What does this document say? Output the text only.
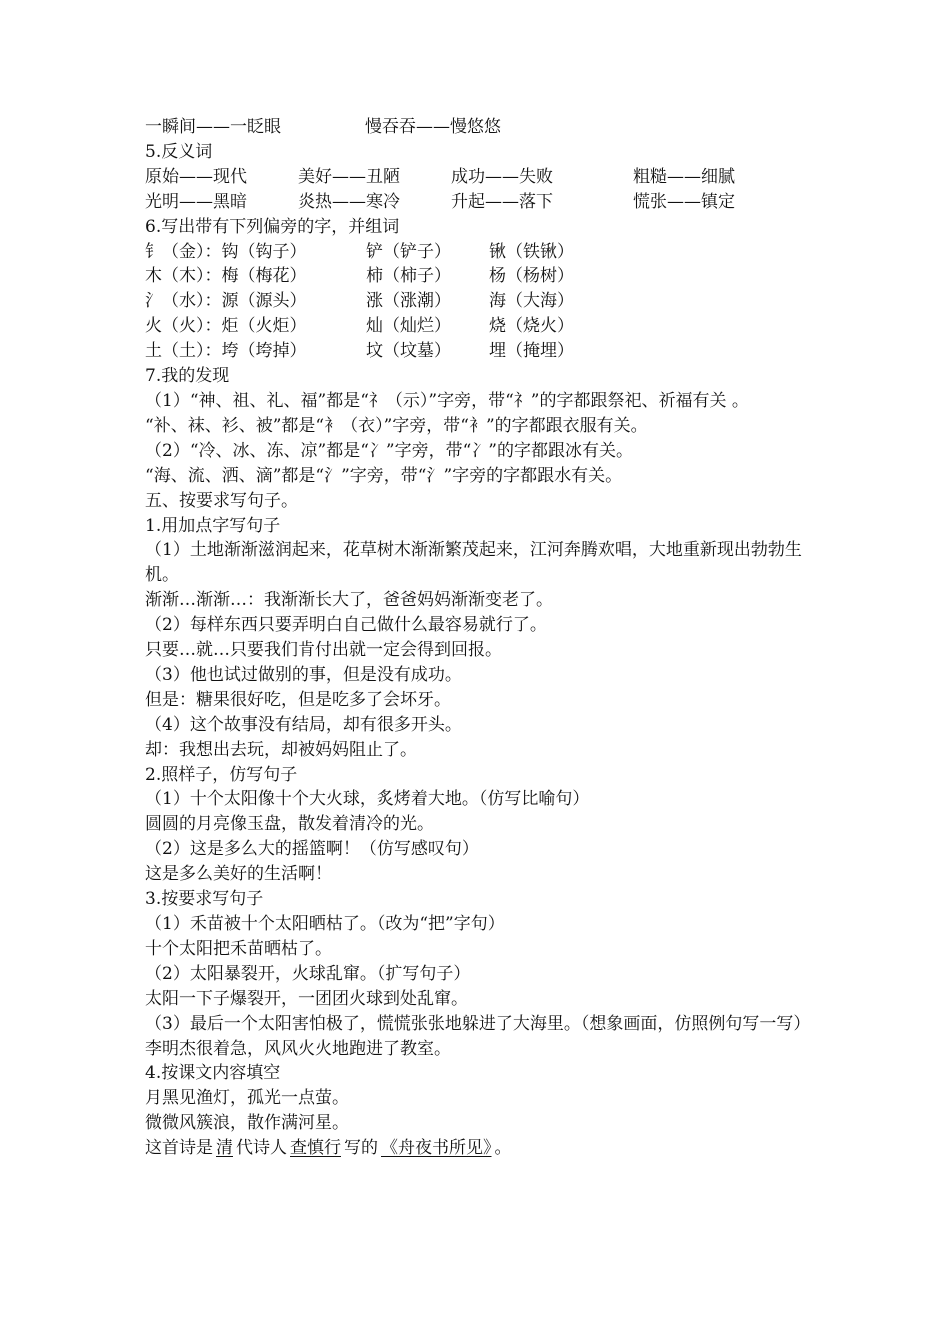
一瞬间——一眨眼	慢吞吞——慢悠悠
5.反义词
原始——现代	美好——丑陋	成功——失败	粗糙——细腻
光明——黑暗	炎热——寒冷	升起——落下	慌张——镇定
6.写出带有下列偏旁的字，并组词
钅（金）：钩（钩子）	铲（铲子） 锹（铁锹）
木（木）：梅（梅花）	柿（柿子） 杨（杨树）
氵（水）：源（源头）	涨（涨潮） 海（大海）
火（火）：炬（火炬）	灿（灿烂） 烧（烧火）
土（土）：垮（垮掉）	坟（坟墓） 埋（掩埋）
7.我的发现
（1）“神、祖、礼、福”都是“礻（示）”字旁，带“礻”的字都跟祭祀、祈福有关 。
“补、袜、衫、被”都是“衤（衣）”字旁，带“衤”的字都跟衣服有关。
（2）“冷、冰、冻、凉”都是“冫”字旁，带“冫”的字都跟冰有关。
“海、流、洒、滴”都是“氵”字旁，带“氵”字旁的字都跟水有关。
五、按要求写句子。
1.用加点字写句子
（1）土地渐渐滋润起来，花草树木渐渐繁茂起来，江河奔腾欢唱，大地重新现出勃勃生机。
渐渐…渐渐…：我渐渐长大了，爸爸妈妈渐渐变老了。
（2）每样东西只要弄明白自己做什么最容易就行了。
只要…就…只要我们肯付出就一定会得到回报。
（3）他也试过做别的事，但是没有成功。
但是：糖果很好吃，但是吃多了会坏牙。
（4）这个故事没有结局，却有很多开头。
却：我想出去玩，却被妈妈阻止了。
2.照样子，仿写句子
（1）十个太阳像十个大火球，炙烤着大地。（仿写比喻句）
圆圆的月亮像玉盘，散发着清冷的光。
（2）这是多么大的摇篮啊！（仿写感叹句）
这是多么美好的生活啊！
3.按要求写句子
（1）禾苗被十个太阳晒枯了。（改为“把”字句）
十个太阳把禾苗晒枯了。
（2）太阳暴裂开，火球乱窜。（扩写句子）
太阳一下子爆裂开，一团团火球到处乱窜。
（3）最后一个太阳害怕极了，慌慌张张地躲进了大海里。（想象画面，仿照例句写一写）
李明杰很着急，风风火火地跑进了教室。
4.按课文内容填空
月黑见渔灯，孤光一点萤。
微微风簇浪，散作满河星。
这首诗是 清 代诗人 查慎行 写的 《舟夜书所见》 。
